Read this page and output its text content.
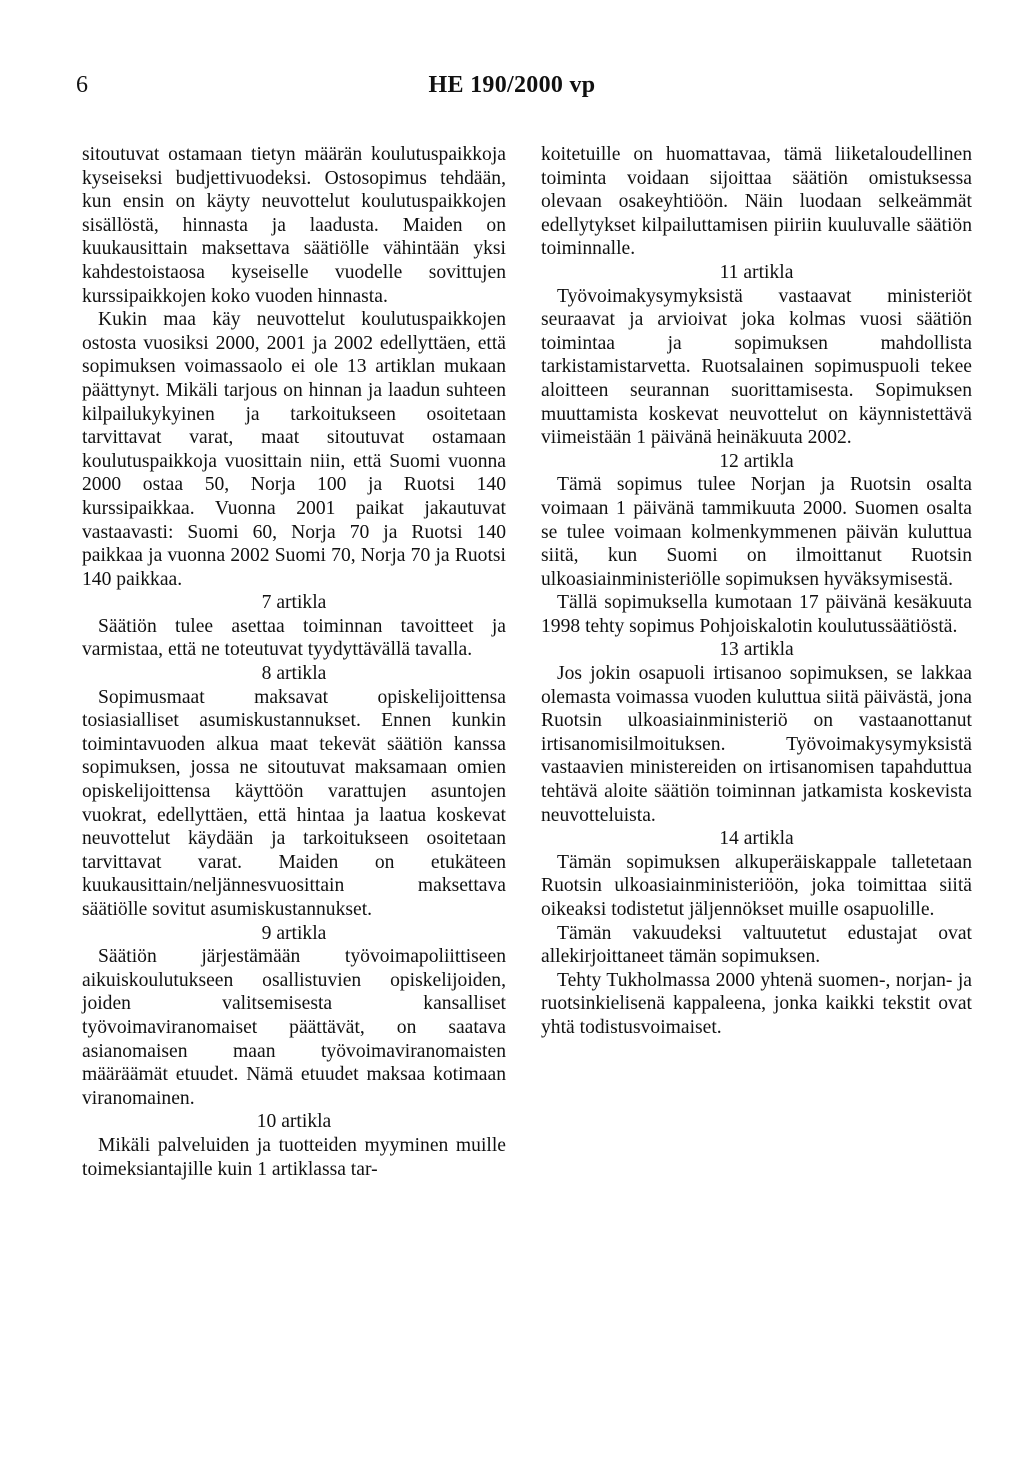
6	HE 190/2000 vp

sitoutuvat ostamaan tietyn määrän koulutuspaikkoja kyseiseksi budjettivuodeksi. Ostosopimus tehdään, kun ensin on käyty neuvottelut koulutuspaikkojen sisällöstä, hinnasta ja laadusta. Maiden on kuukausittain maksettava säätiölle vähintään yksi kahdestoistaosa kyseiselle vuodelle sovittujen kurssipaikkojen koko vuoden hinnasta.

Kukin maa käy neuvottelut koulutuspaikkojen ostosta vuosiksi 2000, 2001 ja 2002 edellyttäen, että sopimuksen voimassaolo ei ole 13 artiklan mukaan päättynyt. Mikäli tarjous on hinnan ja laadun suhteen kilpailukykyinen ja tarkoitukseen osoitetaan tarvittavat varat, maat sitoutuvat ostamaan koulutuspaikkoja vuosittain niin, että Suomi vuonna 2000 ostaa 50, Norja 100 ja Ruotsi 140 kurssipaikkaa. Vuonna 2001 paikat jakautuvat vastaavasti: Suomi 60, Norja 70 ja Ruotsi 140 paikkaa ja vuonna 2002 Suomi 70, Norja 70 ja Ruotsi 140 paikkaa.

7 artikla

Säätiön tulee asettaa toiminnan tavoitteet ja varmistaa, että ne toteutuvat tyydyttävällä tavalla.

8 artikla

Sopimusmaat maksavat opiskelijoittensa tosiasialliset asumiskustannukset. Ennen kunkin toimintavuoden alkua maat tekevät säätiön kanssa sopimuksen, jossa ne sitoutuvat maksamaan omien opiskelijoittensa käyttöön varattujen asuntojen vuokrat, edellyttäen, että hintaa ja laatua koskevat neuvottelut käydään ja tarkoitukseen osoitetaan tarvittavat varat. Maiden on etukäteen kuukausittain/neljännesvuosittain maksettava säätiölle sovitut asumiskustannukset.

9 artikla

Säätiön järjestämään työvoimapoliittiseen aikuiskoulutukseen osallistuvien opiskelijoiden, joiden valitsemisesta kansalliset työvoimaviranomaiset päättävät, on saatava asianomaisen maan työvoimaviranomaisten määräämät etuudet. Nämä etuudet maksaa kotimaan viranomainen.

10 artikla

Mikäli palveluiden ja tuotteiden myyminen muille toimeksiantajille kuin 1 artiklassa tar-

koitetuille on huomattavaa, tämä liiketaloudellinen toiminta voidaan sijoittaa säätiön omistuksessa olevaan osakeyhtiöön. Näin luodaan selkeämmät edellytykset kilpailuttamisen piiriin kuuluvalle säätiön toiminnalle.

11 artikla

Työvoimakysymyksistä vastaavat ministeriöt seuraavat ja arvioivat joka kolmas vuosi säätiön toimintaa ja sopimuksen mahdollista tarkistamistarvetta. Ruotsalainen sopimuspuoli tekee aloitteen seurannan suorittamisesta. Sopimuksen muuttamista koskevat neuvottelut on käynnistettävä viimeistään 1 päivänä heinäkuuta 2002.

12 artikla

Tämä sopimus tulee Norjan ja Ruotsin osalta voimaan 1 päivänä tammikuuta 2000. Suomen osalta se tulee voimaan kolmenkymmenen päivän kuluttua siitä, kun Suomi on ilmoittanut Ruotsin ulkoasiainministeriölle sopimuksen hyväksymisestä.

Tällä sopimuksella kumotaan 17 päivänä kesäkuuta 1998 tehty sopimus Pohjoiskalotin koulutussäätiöstä.

13 artikla

Jos jokin osapuoli irtisanoo sopimuksen, se lakkaa olemasta voimassa vuoden kuluttua siitä päivästä, jona Ruotsin ulkoasiainministeriö on vastaanottanut irtisanomisilmoituksen. Työvoimakysymyksistä vastaavien ministereiden on irtisanomisen tapahduttua tehtävä aloite säätiön toiminnan jatkamista koskevista neuvotteluista.

14 artikla

Tämän sopimuksen alkuperäiskappale talletetaan Ruotsin ulkoasiainministeriöön, joka toimittaa siitä oikeaksi todistetut jäljennökset muille osapuolille.

Tämän vakuudeksi valtuutetut edustajat ovat allekirjoittaneet tämän sopimuksen.

Tehty Tukholmassa 2000 yhtenä suomen-, norjan- ja ruotsinkielisenä kappaleena, jonka kaikki tekstit ovat yhtä todistusvoimaiset.
